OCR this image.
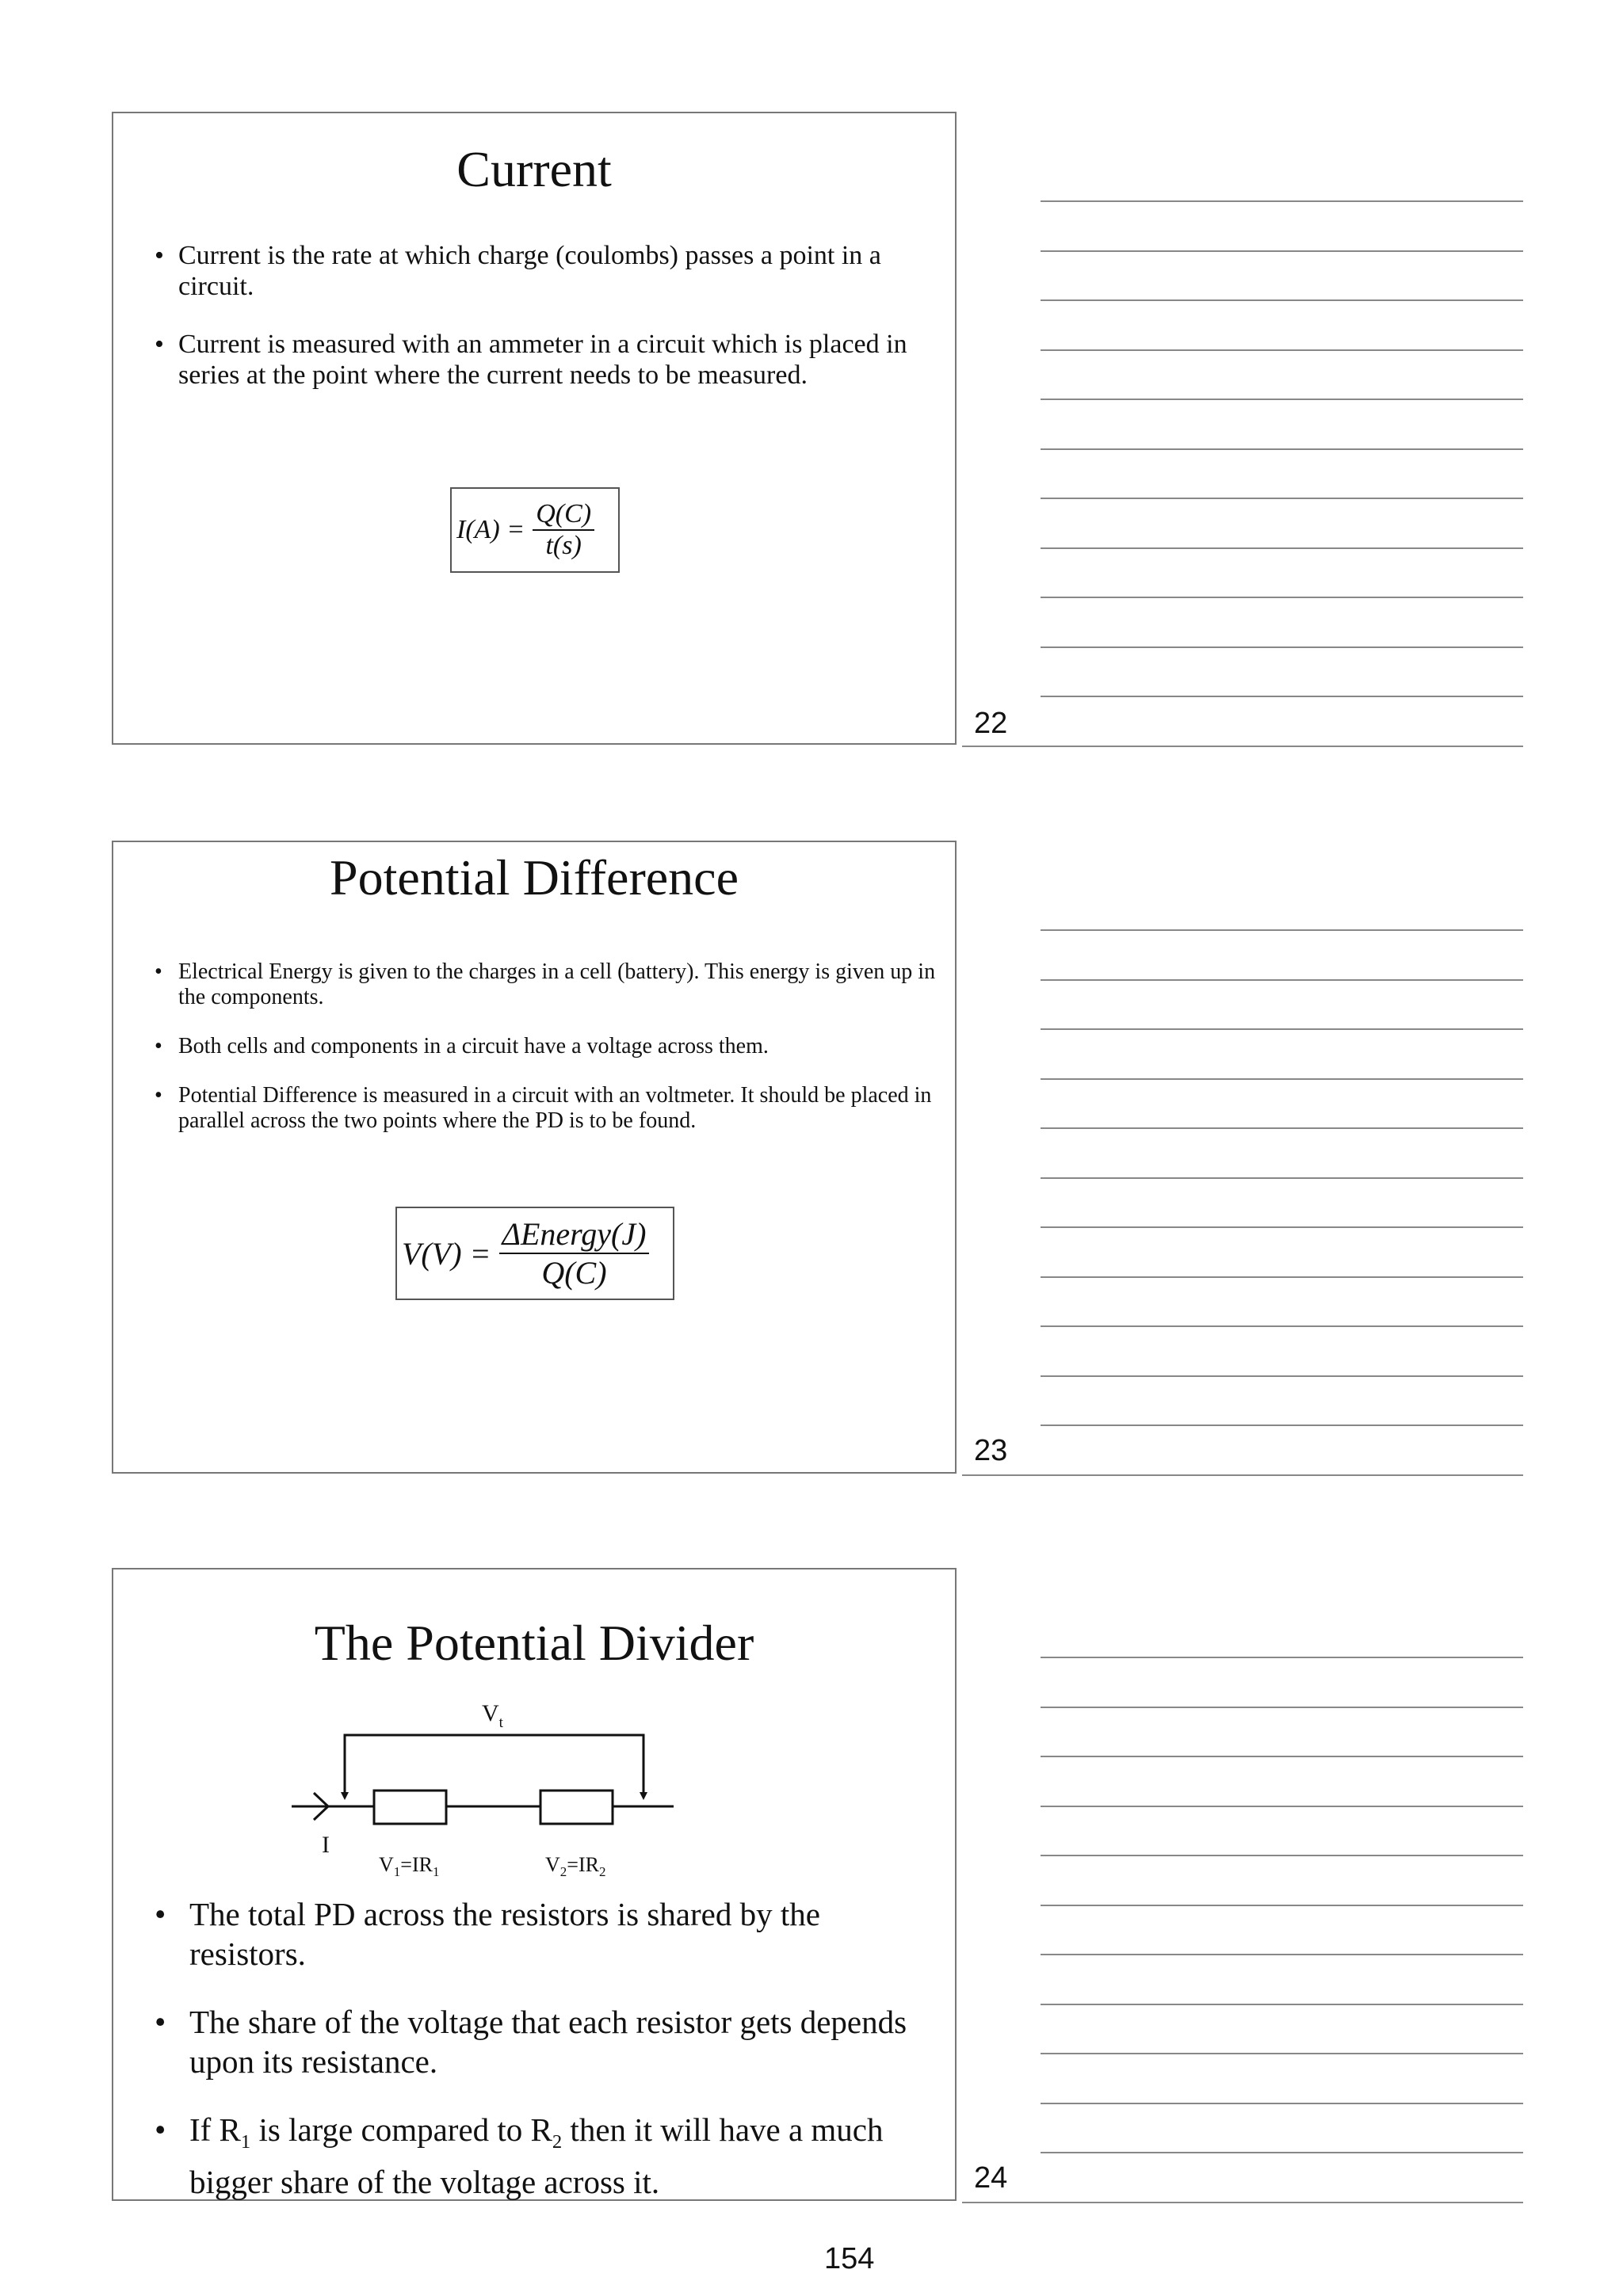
Current
• Current is the rate at which charge (coulombs) passes a point in a circuit.
• Current is measured with an ammeter in a circuit which is placed in series at the point where the current needs to be measured.
$I(A) = \frac{Q(C)}{t(s)}$
22
Potential Difference
• Electrical Energy is given to the charges in a cell (battery). This energy is given up in the components.
• Both cells and components in a circuit have a voltage across them.
• Potential Difference is measured in a circuit with an voltmeter. It should be placed in parallel across the two points where the PD is to be found.
$V(V) = \frac{\text{ΔEnergy(J)}}{Q(C)}$
23
The Potential Divider
• The total PD across the resistors is shared by the resistors.
• The share of the voltage that each resistor gets depends upon its resistance.
• If $R_1$ is large compared to $R_2$ then it will have a much bigger share of the voltage across it.	24
$V_t$
I
$V_1=IR_1$	$V_2=IR_2$
154
